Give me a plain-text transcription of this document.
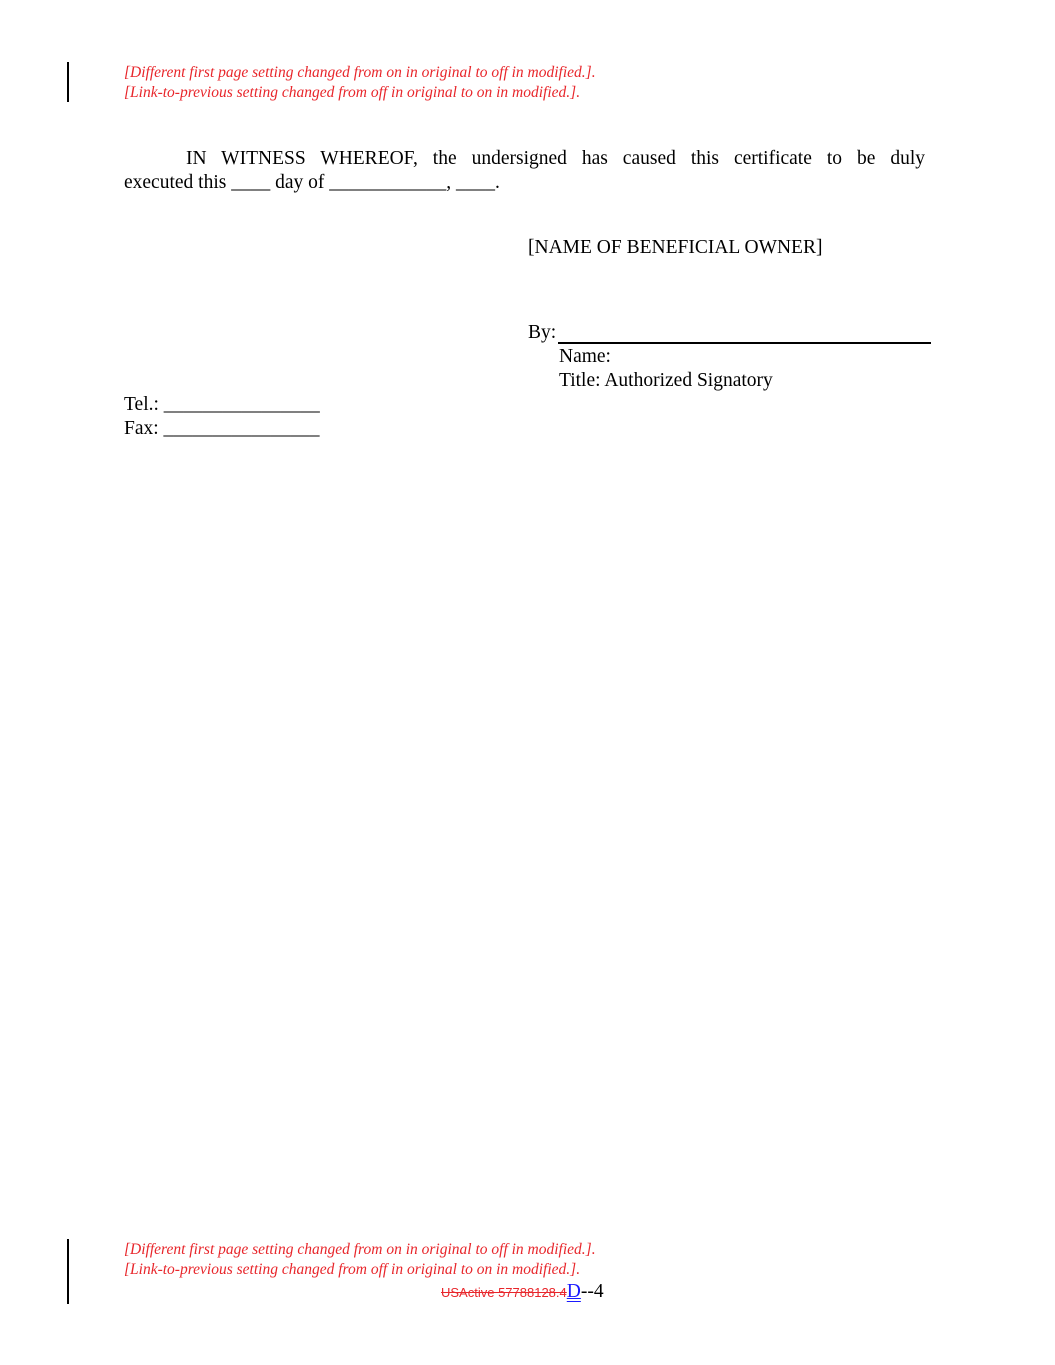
[Different first page setting changed from on in original to off in modified.].
[Link-to-previous setting changed from off in original to on in modified.].
IN WITNESS WHEREOF, the undersigned has caused this certificate to be duly
executed this ____ day of ____________, ____.
[NAME OF BENEFICIAL OWNER]
By:
Name:
Title: Authorized Signatory
Tel.: ________________
Fax: ________________
[Different first page setting changed from on in original to off in modified.].
[Link-to-previous setting changed from off in original to on in modified.].
USActive 57788128.4 D --4
